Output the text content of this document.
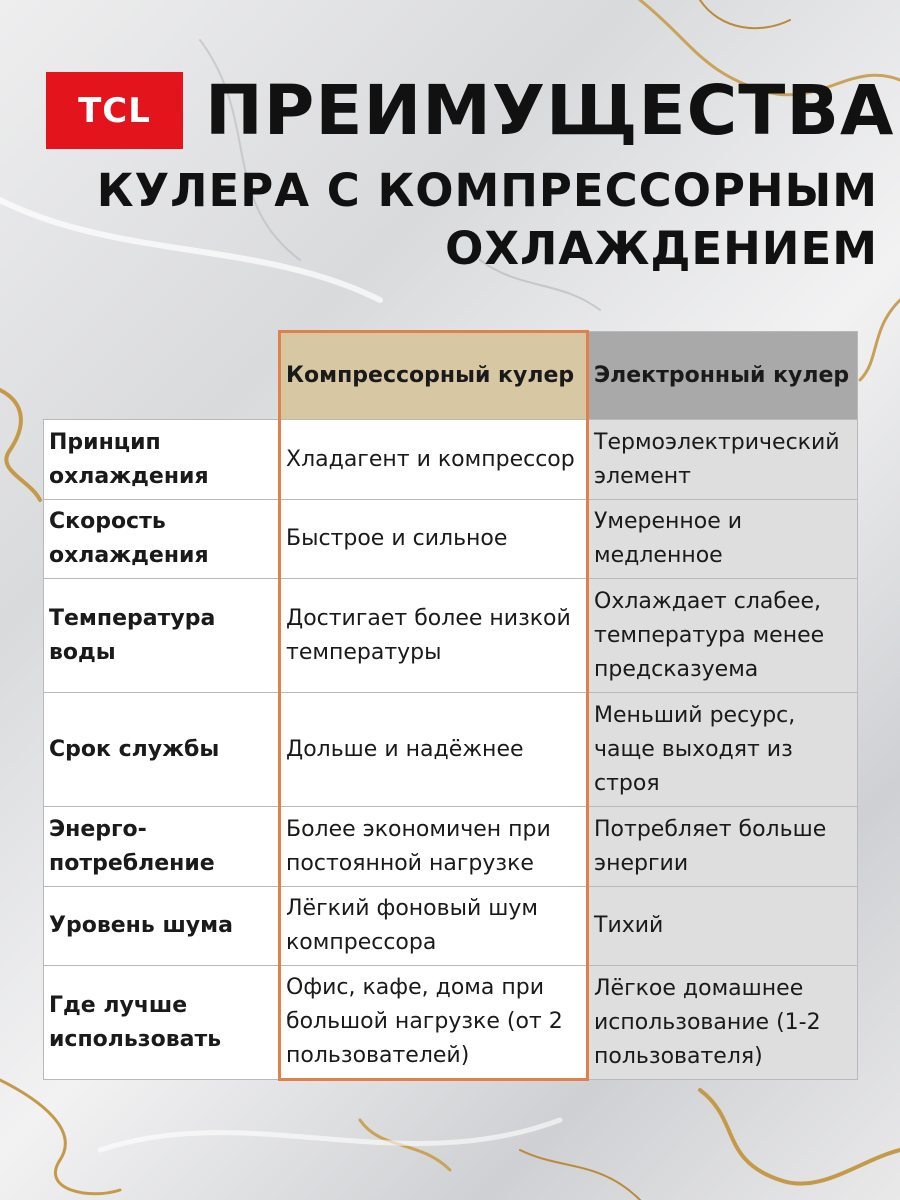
TCL ПРЕИМУЩЕСТВА
КУЛЕРА С КОМПРЕССОРНЫМ
ОХЛАЖДЕНИЕМ
	Компрессорный кулер	Электронный кулер
Принцип охлаждения	Хладагент и компрессор	Термоэлектрический элемент
Скорость охлаждения	Быстрое и сильное	Умеренное и медленное
Температура воды	Достигает более низкой температуры	Охлаждает слабее, температура менее предсказуема
Срок службы	Дольше и надёжнее	Меньший ресурс, чаще выходят из строя
Энерго-потребление	Более экономичен при постоянной нагрузке	Потребляет больше энергии
Уровень шума	Лёгкий фоновый шум компрессора	Тихий
Где лучше использовать	Офис, кафе, дома при большой нагрузке (от 2 пользователей)	Лёгкое домашнее использование (1-2 пользователя)
